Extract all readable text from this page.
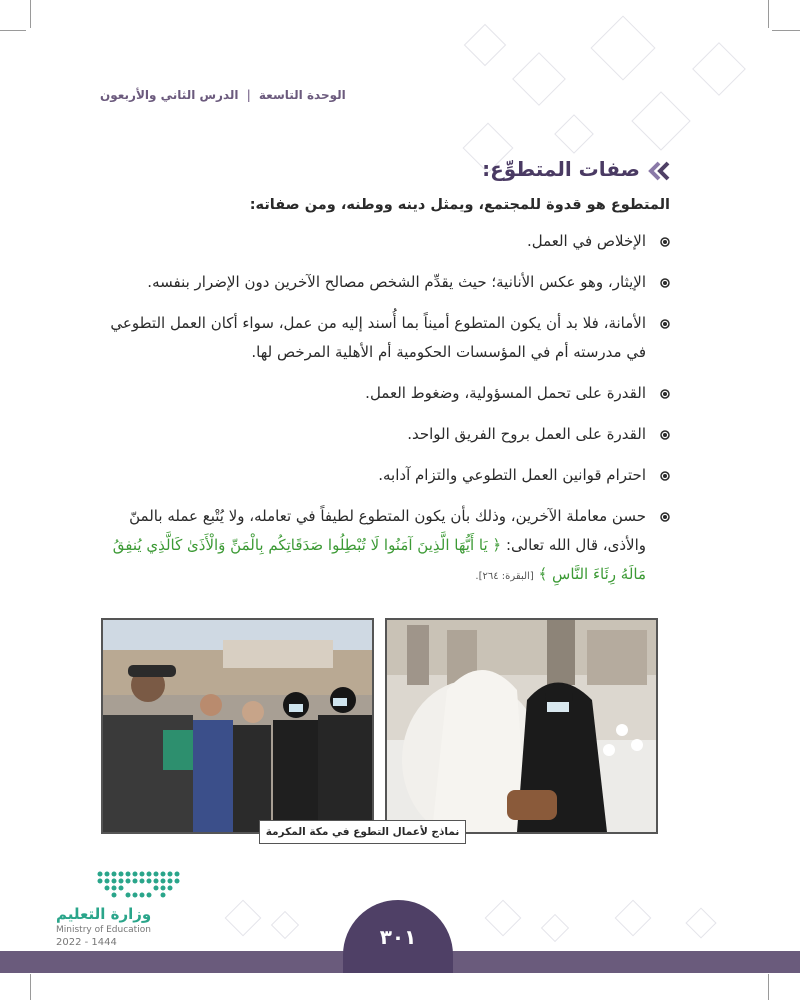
الوحدة التاسعة|الدرس الثاني والأربعون
صفات المتطوِّع:
المتطوع هو قدوة للمجتمع، ويمثل دينه ووطنه، ومن صفاته:
الإخلاص في العمل.
الإيثار، وهو عكس الأنانية؛ حيث يقدِّم الشخص مصالح الآخرين دون الإضرار بنفسه.
الأمانة، فلا بد أن يكون المتطوع أميناً بما أُسند إليه من عمل، سواء أكان العمل التطوعي في مدرسته أم في المؤسسات الحكومية أم الأهلية المرخص لها.
القدرة على تحمل المسؤولية، وضغوط العمل.
القدرة على العمل بروح الفريق الواحد.
احترام قوانين العمل التطوعي والتزام آدابه.
حسن معاملة الآخرين، وذلك بأن يكون المتطوع لطيفاً في تعامله، ولا يُتْبع عمله بالمنّ والأذى، قال الله تعالى: ﴿ يَا أَيُّهَا الَّذِينَ آمَنُوا لَا تُبْطِلُوا صَدَقَاتِكُم بِالْمَنِّ وَالْأَذَىٰ كَالَّذِي يُنفِقُ مَالَهُ رِئَاءَ النَّاسِ ﴾ [البقرة: ٢٦٤].
نماذج لأعمال التطوع في مكة المكرمة
٣٠١
وزارة التعليم
Ministry of Education
2022 - 1444
